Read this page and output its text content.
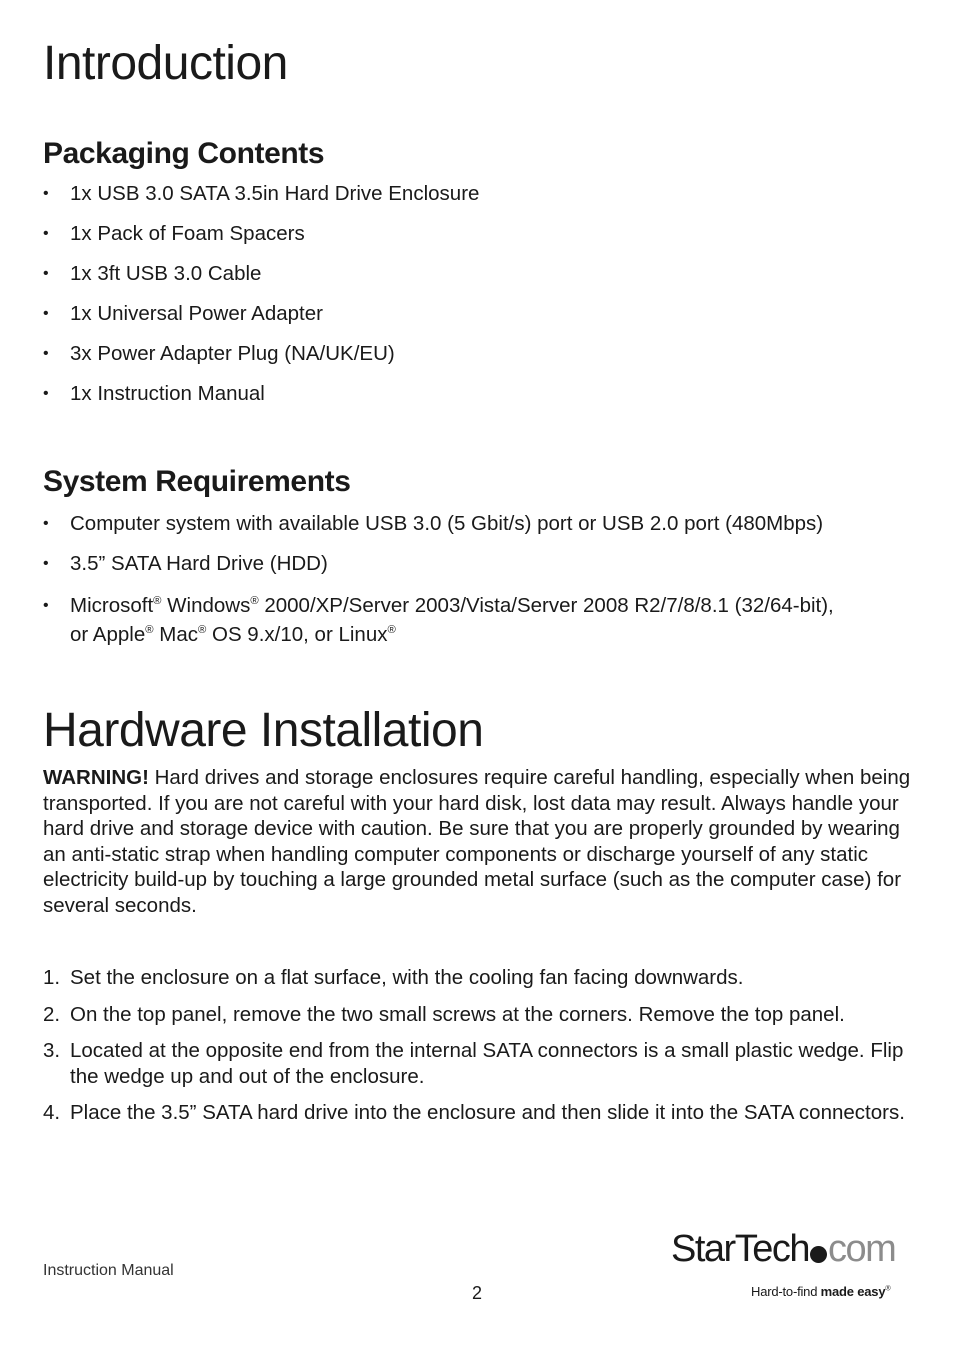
Introduction
Packaging Contents
• 1x USB 3.0 SATA 3.5in Hard Drive Enclosure
• 1x Pack of Foam Spacers
• 1x 3ft USB 3.0 Cable
• 1x Universal Power Adapter
• 3x Power Adapter Plug (NA/UK/EU)
• 1x Instruction Manual
System Requirements
• Computer system with available USB 3.0 (5 Gbit/s) port or USB 2.0 port (480Mbps)
• 3.5” SATA Hard Drive (HDD)
• Microsoft® Windows® 2000/XP/Server 2003/Vista/Server 2008 R2/7/8/8.1 (32/64-bit),
or Apple® Mac® OS 9.x/10, or Linux®
Hardware Installation

WARNING! Hard drives and storage enclosures require careful handling, especially when being transported. If you are not careful with your hard disk, lost data may result. Always handle your hard drive and storage device with caution. Be sure that you are properly grounded by wearing an anti-static strap when handling computer components or discharge yourself of any static electricity build-up by touching a large grounded metal surface (such as the computer case) for several seconds.

1. Set the enclosure on a flat surface, with the cooling fan facing downwards.
2. On the top panel, remove the two small screws at the corners. Remove the top panel.
3. Located at the opposite end from the internal SATA connectors is a small plastic wedge. Flip the wedge up and out of the enclosure.
4. Place the 3.5” SATA hard drive into the enclosure and then slide it into the SATA connectors.
Instruction Manual
2
StarTech com
Hard-to-find made easy®
